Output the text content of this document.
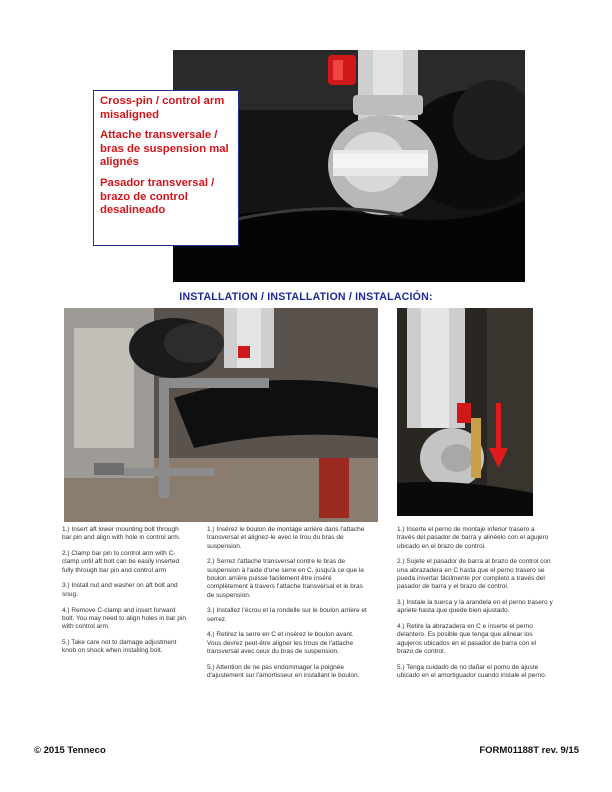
Cross-pin / control arm misaligned

Attache transversale / bras de suspension mal alignés

Pasador transversal / brazo de control desalineado

INSTALLATION / INSTALLATION / INSTALACIÓN:

1.) Insert aft lower mounting bolt through bar pin and align with hole in control arm.

2.) Clamp bar pin to control arm with C-clamp until aft bolt can be easily inserted fully through bar pin and control arm

3.) Install nut and washer on aft bolt and snug.

4.) Remove C-clamp and insert forward bolt. You may need to align holes in bar pin with control arm.

5.) Take care not to damage adjustment knob on shock when installing bolt.

1.) Insérez le boulon de montage arrière dans l'attache transversal et alignez-le avec le trou du bras de suspension.

2.) Serrez l'attache transversal contre le bras de suspension à l'aide d'une serre en C, jusqu'à ce que le boulon arrière puisse facilement être inséré complètement à travers l'attache transversal et le bras de suspension.

3.) Installez l'écrou et la rondelle sur le boulon arrière et serrez.

4.) Retirez la serre en C et insérez le boulon avant. Vous devrez peut-être aligner les trous de l'attache transversal avec ceux du bras de suspension.

5.) Attention de ne pas endommager la poignée d'ajustement sur l'amortisseur en installant le boulon.

1.) Inserte el perno de montaje inferior trasero a través del pasador de barra y alinéelo con el agujero ubicado en el brazo de control.

2.) Sujete el pasador de barra al brazo de control con una abrazadera en C hasta que el perno trasero se pueda insertar fácilmente por completo a través del pasador de barra y el brazo de control.

3.) Instale la tuerca y la arandela en el perno trasero y apriete hasta que quede bien ajustado.

4.) Retire la abrazadera en C e inserte el perno delantero. Es posible que tenga que alinear los agujeros ubicados en el pasador de barra con el brazo de control.

5.) Tenga cuidado de no dañar el pomo de ajuste ubicado en el amortiguador cuando instale el perno.

© 2015 Tenneco	FORM01188T rev. 9/15
